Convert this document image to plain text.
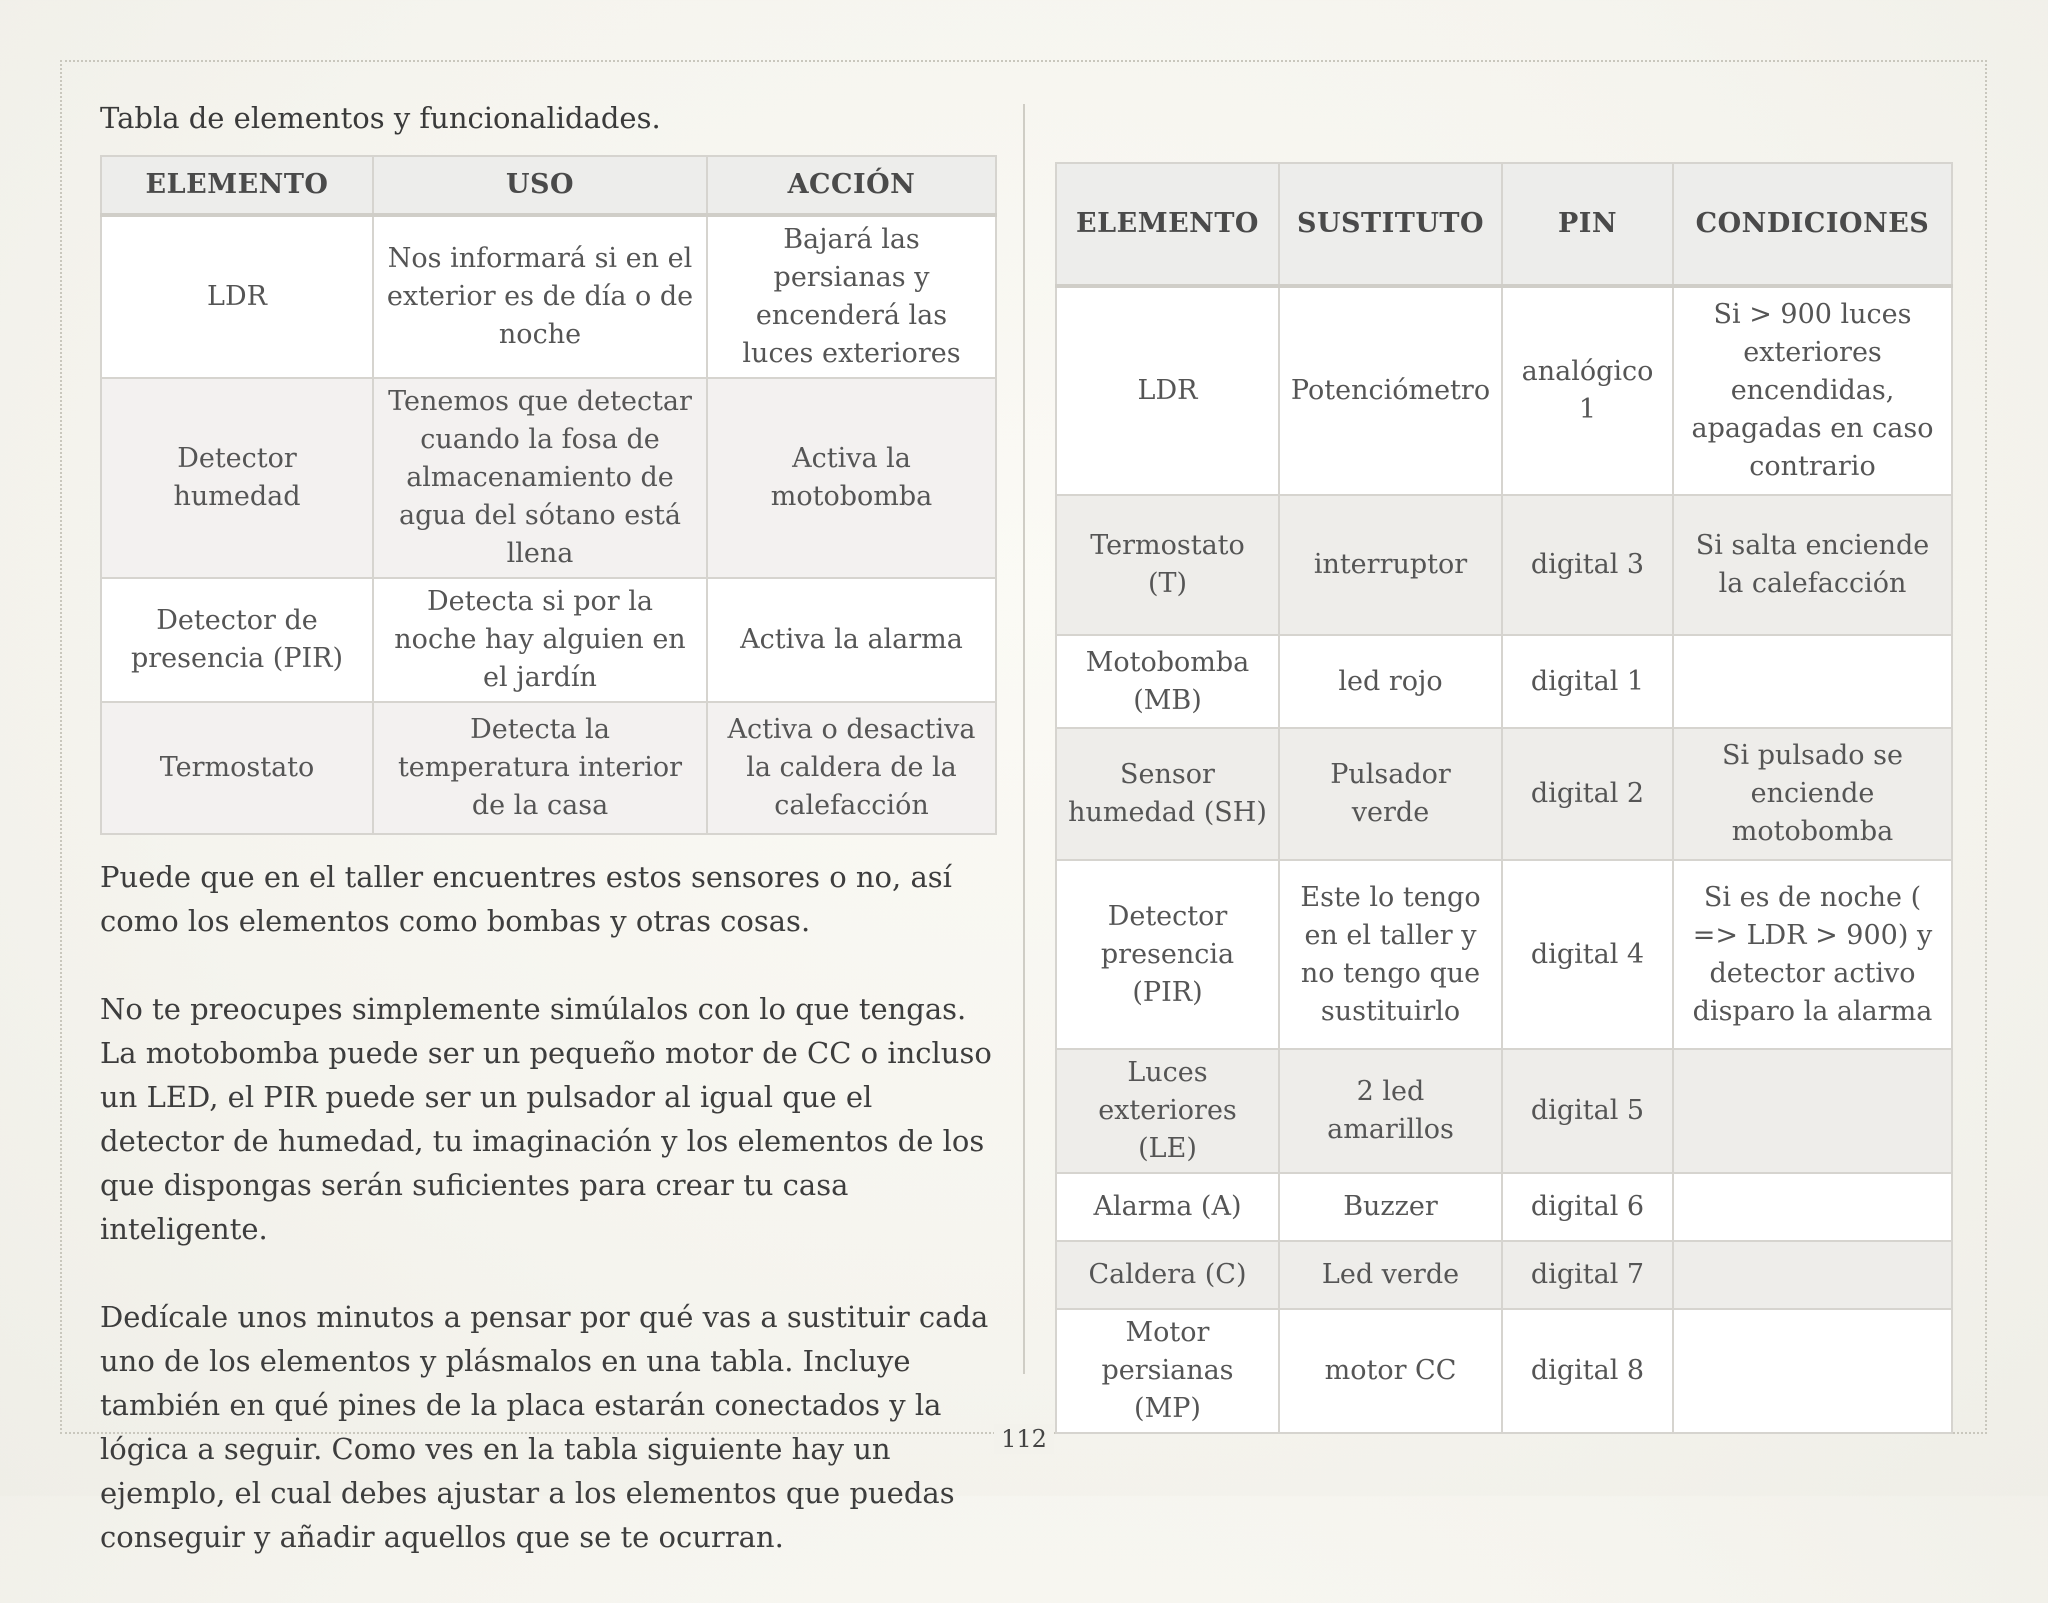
Tabla de elementos y funcionalidades.

ELEMENTO	USO	ACCIÓN
LDR	Nos informará si en el exterior es de día o de noche	Bajará las persianas y encenderá las luces exteriores
Detector humedad	Tenemos que detectar cuando la fosa de almacenamiento de agua del sótano está llena	Activa la motobomba
Detector de presencia (PIR)	Detecta si por la noche hay alguien en el jardín	Activa la alarma
Termostato	Detecta la temperatura interior de la casa	Activa o desactiva la caldera de la calefacción

Puede que en el taller encuentres estos sensores o no, así como los elementos como bombas y otras cosas.

No te preocupes simplemente simúlalos con lo que tengas. La motobomba puede ser un pequeño motor de CC o incluso un LED, el PIR puede ser un pulsador al igual que el detector de humedad, tu imaginación y los elementos de los que dispongas serán suficientes para crear tu casa inteligente.

Dedícale unos minutos a pensar por qué vas a sustituir cada uno de los elementos y plásmalos en una tabla. Incluye también en qué pines de la placa estarán conectados y la lógica a seguir. Como ves en la tabla siguiente hay un ejemplo, el cual debes ajustar a los elementos que puedas conseguir y añadir aquellos que se te ocurran.

ELEMENTO	SUSTITUTO	PIN	CONDICIONES
LDR	Potenciómetro	analógico 1	Si > 900 luces exteriores encendidas, apagadas en caso contrario
Termostato (T)	interruptor	digital 3	Si salta enciende la calefacción
Motobomba (MB)	led rojo	digital 1	
Sensor humedad (SH)	Pulsador verde	digital 2	Si pulsado se enciende motobomba
Detector presencia (PIR)	Este lo tengo en el taller y no tengo que sustituirlo	digital 4	Si es de noche ( => LDR > 900) y detector activo disparo la alarma
Luces exteriores (LE)	2 led amarillos	digital 5	
Alarma (A)	Buzzer	digital 6	
Caldera (C)	Led verde	digital 7	
Motor persianas (MP)	motor CC	digital 8	
112
